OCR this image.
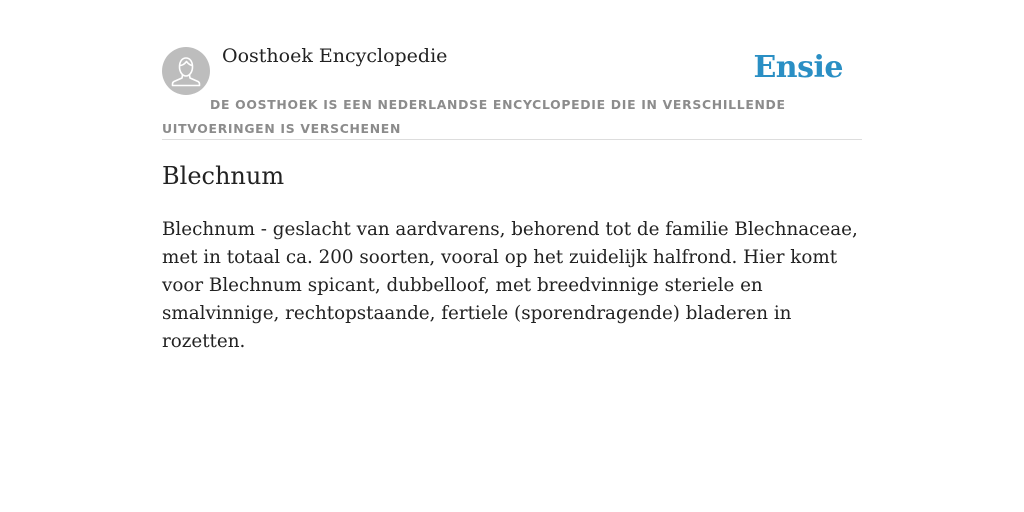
Oosthoek Encyclopedie	Ensie
DE OOSTHOEK IS EEN NEDERLANDSE ENCYCLOPEDIE DIE IN VERSCHILLENDE UITVOERINGEN IS VERSCHENEN
Blechnum

Blechnum - geslacht van aardvarens, behorend tot de familie Blechnaceae, met in totaal ca. 200 soorten, vooral op het zuidelijk halfrond. Hier komt voor Blechnum spicant, dubbelloof, met breedvinnige steriele en smalvinnige, rechtopstaande, fertiele (sporendragende) bladeren in rozetten.
